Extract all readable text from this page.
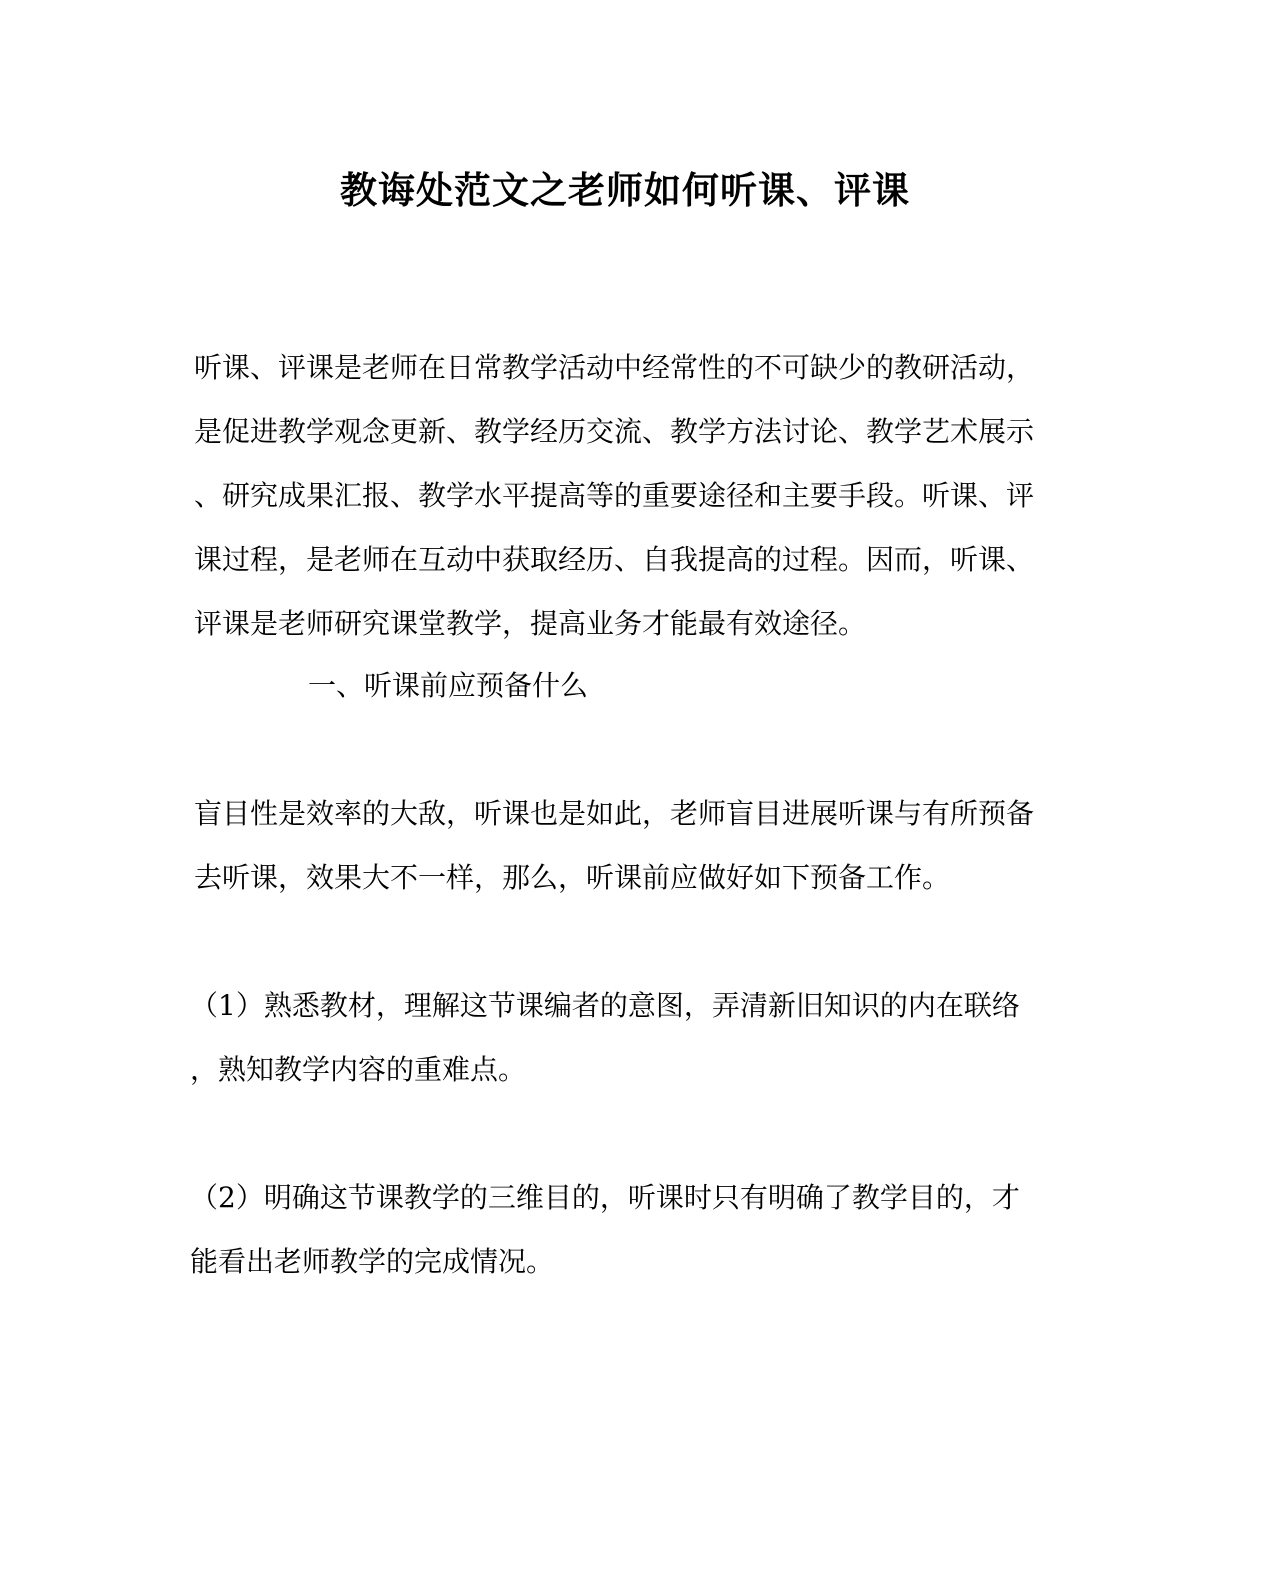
教诲处范文之老师如何听课、评课
听课、评课是老师在日常教学活动中经常性的不可缺少的教研活动，
是促进教学观念更新、教学经历交流、教学方法讨论、教学艺术展示
、研究成果汇报、教学水平提高等的重要途径和主要手段。听课、评
课过程，是老师在互动中获取经历、自我提高的过程。因而，听课、
评课是老师研究课堂教学，提高业务才能最有效途径。
一、听课前应预备什么
盲目性是效率的大敌，听课也是如此，老师盲目进展听课与有所预备
去听课，效果大不一样，那么，听课前应做好如下预备工作。
（1）熟悉教材，理解这节课编者的意图，弄清新旧知识的内在联络
，熟知教学内容的重难点。
（2）明确这节课教学的三维目的，听课时只有明确了教学目的，才
能看出老师教学的完成情况。
